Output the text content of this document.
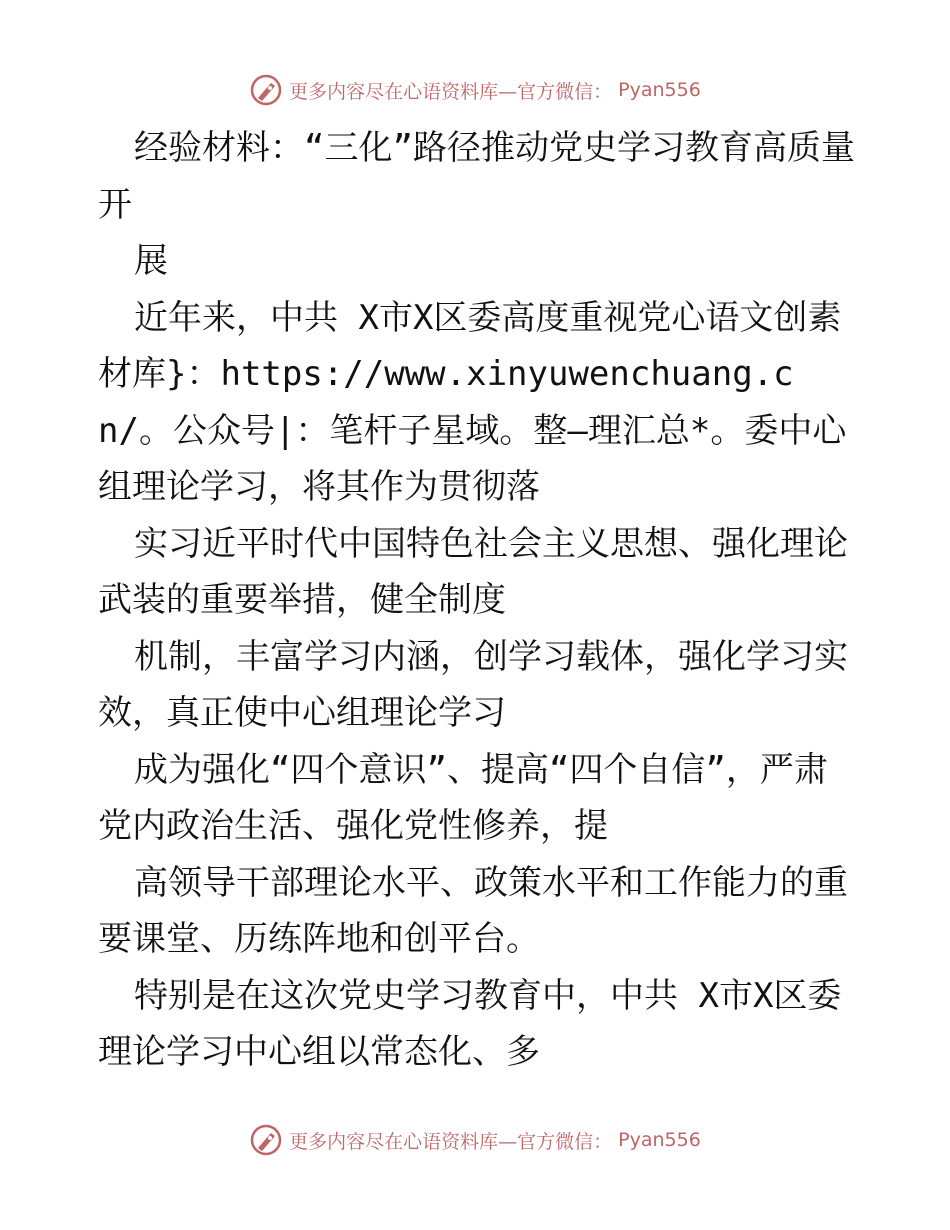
更多内容尽在心语资料库—官方微信： Pyan556

经验材料：“三化”路径推动党史学习教育高质量开

展

近年来，中共 X市X区委高度重视党心语文创素材库}：https://www.xinyuwenchuang.cn/。公众号|：笔杆子星域。整—理汇总*。委中心组理论学习，将其作为贯彻落

实习近平时代中国特色社会主义思想、强化理论武装的重要举措，健全制度

机制，丰富学习内涵，创学习载体，强化学习实效，真正使中心组理论学习

成为强化“四个意识”、提高“四个自信”，严肃党内政治生活、强化党性修养，提

高领导干部理论水平、政策水平和工作能力的重要课堂、历练阵地和创平台。

特别是在这次党史学习教育中，中共 X市X区委理论学习中心组以常态化、多

更多内容尽在心语资料库—官方微信： Pyan556
